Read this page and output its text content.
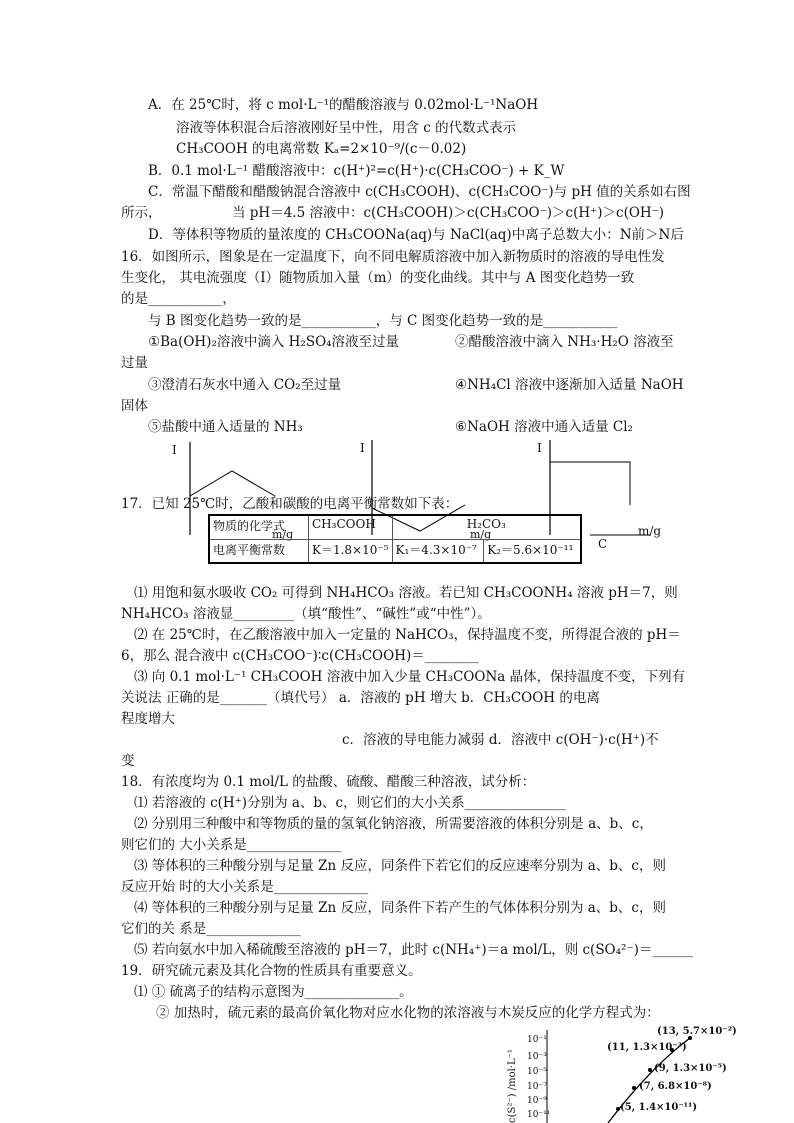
A．在 25℃时，将 c mol·L⁻¹的醋酸溶液与 0.02mol·L⁻¹NaOH
溶液等体积混合后溶液刚好呈中性，用含 c 的代数式表示
CH₃COOH 的电离常数 Kₐ=2×10⁻⁹/(c－0.02)
B．0.1 mol·L⁻¹ 醋酸溶液中：c(H⁺)²=c(H⁺)·c(CH₃COO⁻) + K_W
C．常温下醋酸和醋酸钠混合溶液中 c(CH₃COOH)、c(CH₃COO⁻)与 pH 值的关系如右图
所示，	当 pH＝4.5 溶液中：c(CH₃COOH)＞c(CH₃COO⁻)＞c(H⁺)＞c(OH⁻)
D．等体积等物质的量浓度的 CH₃COONa(aq)与 NaCl(aq)中离子总数大小：N前＞N后
16．如图所示，图象是在一定温度下，向不同电解质溶液中加入新物质时的溶液的导电性发
生变化， 其电流强度（I）随物质加入量（m）的变化曲线。其中与 A 图变化趋势一致
的是___________，
与 B 图变化趋势一致的是___________，与 C 图变化趋势一致的是___________
①Ba(OH)₂溶液中滴入 H₂SO₄溶液至过量	②醋酸溶液中滴入 NH₃·H₂O 溶液至
过量
③澄清石灰水中通入 CO₂至过量	④NH₄Cl 溶液中逐渐加入适量 NaOH
固体
⑤盐酸中通入适量的 NH₃	⑥NaOH 溶液中通入适量 Cl₂
I	I	I
m/g	m/g	m/g
C
17．已知 25℃时，乙酸和碳酸的电离平衡常数如下表：
物质的化学式	CH₃COOH	H₂CO₃	
电离平衡常数	K＝1.8×10⁻⁵	K₁＝4.3×10⁻⁷	K₂＝5.6×10⁻¹¹
⑴ 用饱和氨水吸收 CO₂ 可得到 NH₄HCO₃ 溶液。若已知 CH₃COONH₄ 溶液 pH＝7，则
NH₄HCO₃ 溶液显_________（填“酸性”、“碱性”或“中性”）。
⑵ 在 25℃时，在乙酸溶液中加入一定量的 NaHCO₃，保持温度不变，所得混合液的 pH＝
6，那么 混合液中 c(CH₃COO⁻)∶c(CH₃COOH)＝________
⑶ 向 0.1 mol·L⁻¹ CH₃COOH 溶液中加入少量 CH₃COONa 晶体，保持温度不变，下列有
关说法 正确的是_______（填代号） a．溶液的 pH 增大 b．CH₃COOH 的电离
程度增大
c．溶液的导电能力减弱 d．溶液中 c(OH⁻)·c(H⁺)不
变
18．有浓度均为 0.1 mol/L 的盐酸、硫酸、醋酸三种溶液，试分析：
⑴ 若溶液的 c(H⁺)分别为 a、b、c，则它们的大小关系_______________
⑵ 分别用三种酸中和等物质的量的氢氧化钠溶液，所需要溶液的体积分别是 a、b、c，
则它们的 大小关系是______________
⑶ 等体积的三种酸分别与足量 Zn 反应，同条件下若它们的反应速率分别为 a、b、c，则
反应开始 时的大小关系是______________
⑷ 等体积的三种酸分别与足量 Zn 反应，同条件下若产生的气体体积分别为 a、b、c，则
它们的关 系是______________
⑸ 若向氨水中加入稀硫酸至溶液的 pH＝7，此时 c(NH₄⁺)＝a mol/L，则 c(SO₄²⁻)＝______
19．研究硫元素及其化合物的性质具有重要意义。
⑴ ① 硫离子的结构示意图为______________。
② 加热时，硫元素的最高价氧化物对应水化物的浓溶液与木炭反应的化学方程式为：
10⁻¹
10⁻³
10⁻⁵
10⁻⁷
10⁻⁹
10⁻¹¹
c(S²⁻) /mol·L⁻¹
(13, 5.7×10⁻²)
(11, 1.3×10⁻³)
(9, 1.3×10⁻⁵)
(7, 6.8×10⁻⁸)
(5, 1.4×10⁻¹¹)
